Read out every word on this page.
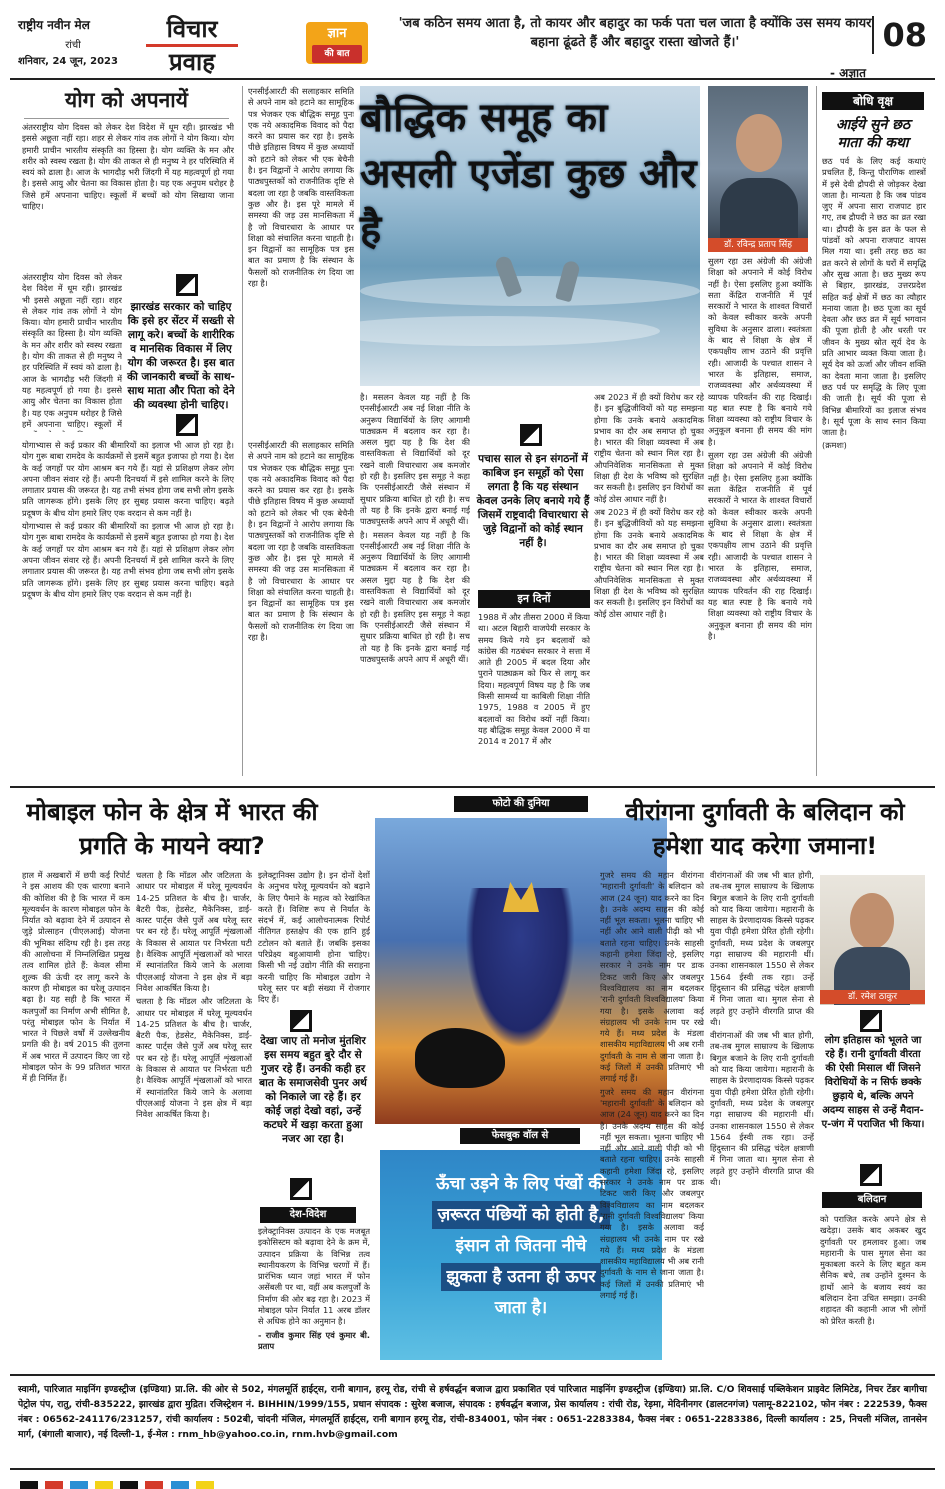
राष्ट्रीय नवीन मेल
रांची
शनिवार, 24 जून, 2023
विचार
प्रवाह
ज्ञान
की बात
'जब कठिन समय आता है, तो कायर और बहादुर का फर्क पता चल जाता है क्योंकि उस समय कायर बहाना ढूंढते हैं और बहादुर रास्ता खोजते हैं।'
- अज्ञात
08
योग को अपनायें

अंतरराष्ट्रीय योग दिवस को लेकर देश विदेश में धूम रही। झारखंड भी इससे अछूता नहीं रहा। शहर से लेकर गांव तक लोगों ने योग किया। योग हमारी प्राचीन भारतीय संस्कृति का हिस्सा है। योग व्यक्ति के मन और शरीर को स्वस्थ रखता है। योग की ताकत से ही मनुष्य ने हर परिस्थिति में स्वयं को ढाला है। आज के भागदौड़ भरी जिंदगी में यह महत्वपूर्ण हो गया है। इससे आयु और चेतना का विकास होता है। यह एक अनुपम धरोहर है जिसे हमें अपनाना चाहिए। स्कूलों में बच्चों को योग सिखाया जाना चाहिए।

अंतरराष्ट्रीय योग दिवस को लेकर देश विदेश में धूम रही। झारखंड भी इससे अछूता नहीं रहा। शहर से लेकर गांव तक लोगों ने योग किया। योग हमारी प्राचीन भारतीय संस्कृति का हिस्सा है। योग व्यक्ति के मन और शरीर को स्वस्थ रखता है। योग की ताकत से ही मनुष्य ने हर परिस्थिति में स्वयं को ढाला है। आज के भागदौड़ भरी जिंदगी में यह महत्वपूर्ण हो गया है। इससे आयु और चेतना का विकास होता है। यह एक अनुपम धरोहर है जिसे हमें अपनाना चाहिए। स्कूलों में

झारखंड सरकार को चाहिए कि इसे हर सेंटर में सख्ती से लागू करे। बच्चों के शारीरिक व मानसिक विकास में लिए योग की जरूरत है। इस बात की जानकारी बच्चों के साथ-साथ माता और पिता को देने की व्यवस्था होनी चाहिए।

योगाभ्यास से कई प्रकार की बीमारियों का इलाज भी आज हो रहा है। योग गुरू बाबा रामदेव के कार्यक्रमों से इसमें बहुत इजाफा हो गया है। देश के कई जगहों पर योग आश्रम बन गये हैं। यहां से प्रशिक्षण लेकर लोग अपना जीवन संवार रहे हैं। अपनी दिनचर्या में इसे शामिल करने के लिए लगातार प्रयास की जरूरत है। यह तभी संभव होगा जब सभी लोग इसके प्रति जागरूक होंगे। इसके लिए हर सुबह प्रयास करना चाहिए। बढ़ते प्रदूषण के बीच योग हमारे लिए एक वरदान से कम नहीं है।

योगाभ्यास से कई प्रकार की बीमारियों का इलाज भी आज हो रहा है। योग गुरू बाबा रामदेव के कार्यक्रमों से इसमें बहुत इजाफा हो गया है। देश के कई जगहों पर योग आश्रम बन गये हैं। यहां से प्रशिक्षण लेकर लोग अपना जीवन संवार रहे हैं। अपनी दिनचर्या में इसे शामिल करने के लिए लगातार प्रयास की जरूरत है। यह तभी संभव होगा जब सभी लोग इसके प्रति जागरूक होंगे। इसके लिए हर सुबह प्रयास करना चाहिए। बढ़ते प्रदूषण के बीच योग हमारे लिए एक वरदान से कम नहीं है।

एनसीईआरटी की सलाहकार समिति से अपने नाम को हटाने का सामूहिक पत्र भेजकर एक बौद्धिक समूह पुनः एक नये अकादमिक विवाद को पैदा करने का प्रयास कर रहा है। इसके पीछे इतिहास विषय में कुछ अध्यायों को हटाने को लेकर भी एक बेचैनी है। इन विद्वानों ने आरोप लगाया कि पाठ्यपुस्तकों को राजनीतिक दृष्टि से बदला जा रहा है जबकि वास्तविकता कुछ और है। इस पूरे मामले में समस्या की जड़ उस मानसिकता में है जो विचारधारा के आधार पर शिक्षा को संचालित करना चाहती है। इन विद्वानों का सामूहिक पत्र इस बात का प्रमाण है कि संस्थान के फैसलों को राजनीतिक रंग दिया जा रहा है।

बौद्धिक समूह का असली एजेंडा कुछ और है	डॉ. रविन्द्र प्रताप सिंह

सुलग रहा उस अंग्रेजी की अंग्रेजी शिक्षा को अपनाने में कोई विरोध नहीं है। ऐसा इसलिए हुआ क्योंकि सता केंद्रित राजनीति में पूर्व सरकारों ने भारत के शाश्वत विचारों को केवल स्वीकार करके अपनी सुविधा के अनुसार ढाला। स्वतंत्रता के बाद से शिक्षा के क्षेत्र में एकपक्षीय लाभ उठाने की प्रवृत्ति रही। आजादी के पश्चात शासन ने भारत के इतिहास, समाज, राजव्यवस्था और अर्थव्यवस्था में व्यापक परिवर्तन की राह दिखाई। यह बात स्पष्ट है कि बनाये गये शिक्षा व्यवस्था को राष्ट्रीय विचार के अनुकूल बनाना ही समय की मांग है।

सुलग रहा उस अंग्रेजी की अंग्रेजी शिक्षा को अपनाने में कोई विरोध नहीं है। ऐसा इसलिए हुआ क्योंकि सता केंद्रित राजनीति में पूर्व सरकारों ने भारत के शाश्वत विचारों को केवल स्वीकार करके अपनी सुविधा के अनुसार ढाला। स्वतंत्रता के बाद से शिक्षा के क्षेत्र में एकपक्षीय लाभ उठाने की प्रवृत्ति रही। आजादी के पश्चात शासन ने भारत के इतिहास, समाज, राजव्यवस्था और अर्थव्यवस्था में व्यापक परिवर्तन की राह दिखाई। यह बात स्पष्ट है कि बनाये गये शिक्षा व्यवस्था को राष्ट्रीय विचार के अनुकूल बनाना ही समय की मांग है।

एनसीईआरटी की सलाहकार समिति से अपने नाम को हटाने का सामूहिक पत्र भेजकर एक बौद्धिक समूह पुनः एक नये अकादमिक विवाद को पैदा करने का प्रयास कर रहा है। इसके पीछे इतिहास विषय में कुछ अध्यायों को हटाने को लेकर भी एक बेचैनी है। इन विद्वानों ने आरोप लगाया कि पाठ्यपुस्तकों को राजनीतिक दृष्टि से बदला जा रहा है जबकि वास्तविकता कुछ और है। इस पूरे मामले में समस्या की जड़ उस मानसिकता में है जो विचारधारा के आधार पर शिक्षा को संचालित करना चाहती है। इन विद्वानों का सामूहिक पत्र इस बात का प्रमाण है कि संस्थान के फैसलों को राजनीतिक रंग दिया जा रहा है।

है। मसलन केवल यह नहीं है कि एनसीईआरटी अब नई शिक्षा नीति के अनुरूप विद्यार्थियों के लिए आगामी पाठ्यक्रम में बदलाव कर रहा है। असल मुद्दा यह है कि देश की वास्तविकता से विद्यार्थियों को दूर रखने वाली विचारधारा अब कमजोर हो रही है। इसलिए इस समूह ने कहा कि एनसीईआरटी जैसे संस्थान में सुधार प्रक्रिया बाधित हो रही है। सच तो यह है कि इनके द्वारा बनाई गई पाठ्यपुस्तकें अपने आप में अधूरी थीं।

है। मसलन केवल यह नहीं है कि एनसीईआरटी अब नई शिक्षा नीति के अनुरूप विद्यार्थियों के लिए आगामी पाठ्यक्रम में बदलाव कर रहा है। असल मुद्दा यह है कि देश की वास्तविकता से विद्यार्थियों को दूर रखने वाली विचारधारा अब कमजोर हो रही है। इसलिए इस समूह ने कहा कि एनसीईआरटी जैसे संस्थान में सुधार प्रक्रिया बाधित हो रही है। सच तो यह है कि इनके द्वारा बनाई गई पाठ्यपुस्तकें अपने आप में अधूरी थीं।

पचास साल से इन संगठनों में काबिज इन समूहों को ऐसा लगता है कि यह संस्थान केवल उनके लिए बनाये गये हैं जिसमें राष्ट्रवादी विचारधारा से जुड़े विद्वानों को कोई स्थान नहीं है।
इन दिनों

1988 में और तीसरा 2000 में किया था। अटल बिहारी वाजपेयी सरकार के समय किये गये इन बदलावों को कांग्रेस की गठबंधन सरकार ने सत्ता में आते ही 2005 में बदल दिया और पुराने पाठ्यक्रम को फिर से लागू कर दिया। महत्वपूर्ण विषय यह है कि जब किसी सामर्थ्य या काबिली शिक्षा नीति 1975, 1988 व 2005 में हुए बदलावों का विरोध क्यों नहीं किया। यह बौद्धिक समूह केवल 2000 में या 2014 व 2017 में और

अब 2023 में ही क्यों विरोध कर रहे हैं। इन बुद्धिजीवियों को यह समझना होगा कि उनके बनाये अकादमिक प्रभाव का दौर अब समाप्त हो चुका है। भारत की शिक्षा व्यवस्था में अब राष्ट्रीय चेतना को स्थान मिल रहा है। औपनिवेशिक मानसिकता से मुक्त शिक्षा ही देश के भविष्य को सुरक्षित कर सकती है। इसलिए इन विरोधों का कोई ठोस आधार नहीं है।

अब 2023 में ही क्यों विरोध कर रहे हैं। इन बुद्धिजीवियों को यह समझना होगा कि उनके बनाये अकादमिक प्रभाव का दौर अब समाप्त हो चुका है। भारत की शिक्षा व्यवस्था में अब राष्ट्रीय चेतना को स्थान मिल रहा है। औपनिवेशिक मानसिकता से मुक्त शिक्षा ही देश के भविष्य को सुरक्षित कर सकती है। इसलिए इन विरोधों का कोई ठोस आधार नहीं है।

बोधि वृक्ष
आईये सुने छठ माता की कथा

छठ पर्व के लिए कई कथाएं प्रचलित हैं, किन्तु पौराणिक शास्त्रों में इसे देवी द्रौपदी से जोड़कर देखा जाता है। मान्यता है कि जब पांडव जुए में अपना सारा राजपाट हार गए, तब द्रौपदी ने छठ का व्रत रखा था। द्रौपदी के इस व्रत के फल से पांडवों को अपना राजपाट वापस मिल गया था। इसी तरह छठ का व्रत करने से लोगों के घरों में समृद्धि और सुख आता है। छठ मुख्य रूप से बिहार, झारखंड, उत्तरप्रदेश सहित कई क्षेत्रों में छठ का त्यौहार मनाया जाता है। छठ पूजा का सूर्य देवता और छठ व्रत में सूर्य भगवान की पूजा होती है और धरती पर जीवन के मुख्य स्रोत सूर्य देव के प्रति आभार व्यक्त किया जाता है। सूर्य देव को ऊर्जा और जीवन शक्ति का देवता माना जाता है। इसलिए छठ पर्व पर समृद्धि के लिए पूजा की जाती है। सूर्य की पूजा से विभिन्न बीमारियों का इलाज संभव है। सूर्य पूजा के साथ स्नान किया जाता है।

(क्रमशः)

मोबाइल फोन के क्षेत्र में भारत की प्रगति के मायने क्या?

हाल में अखबारों में छपी कई रिपोर्ट ने इस आशय की एक धारणा बनाने की कोशिश की है कि भारत में कम मूल्यवर्धन के कारण मोबाइल फोन के निर्यात को बढ़ावा देने में उत्पादन से जुड़े प्रोत्साहन (पीएलआई) योजना की भूमिका संदिग्ध रही है। इस तरह की आलोचना में निम्नलिखित प्रमुख तत्व शामिल होते हैं: केवल सीमा शुल्क की ऊंची दर लागू करने के कारण ही मोबाइल का घरेलू उत्पादन बढ़ा है। यह सही है कि भारत में कलपुर्जों का निर्माण अभी सीमित है, परंतु मोबाइल फोन के निर्यात में भारत ने पिछले वर्षों में उल्लेखनीय प्रगति की है। वर्ष 2015 की तुलना में अब भारत में उत्पादन किए जा रहे मोबाइल फोन के 99 प्रतिशत भारत में ही निर्मित हैं।

चलता है कि मॉडल और जटिलता के आधार पर मोबाइल में घरेलू मूल्यवर्धन 14-25 प्रतिशत के बीच है। चार्जर, बैटरी पैक, हेडसेट, मैकेनिक्स, डाई-कास्ट पार्ट्स जैसे पुर्जे अब घरेलू स्तर पर बन रहे हैं। घरेलू आपूर्ति शृंखलाओं के विकास से आयात पर निर्भरता घटी है। वैश्विक आपूर्ति शृंखलाओं को भारत में स्थानांतरित किये जाने के अलावा पीएलआई योजना ने इस क्षेत्र में बड़ा निवेश आकर्षित किया है।

चलता है कि मॉडल और जटिलता के आधार पर मोबाइल में घरेलू मूल्यवर्धन 14-25 प्रतिशत के बीच है। चार्जर, बैटरी पैक, हेडसेट, मैकेनिक्स, डाई-कास्ट पार्ट्स जैसे पुर्जे अब घरेलू स्तर पर बन रहे हैं। घरेलू आपूर्ति शृंखलाओं के विकास से आयात पर निर्भरता घटी है। वैश्विक आपूर्ति शृंखलाओं को भारत में स्थानांतरित किये जाने के अलावा पीएलआई योजना ने इस क्षेत्र में बड़ा निवेश आकर्षित किया है।

इलेक्ट्रानिक्स उद्योग है। इन दोनों देशों के अनुभव घरेलू मूल्यवर्धन को बढ़ाने के लिए पैमाने के महत्व को रेखांकित करते हैं। विशिष्ट रूप से निर्यात के संदर्भ में, कई आलोचनात्मक रिपोर्ट नीतिगत हस्तक्षेप की एक हानि हुई टटोलन को बताते हैं। जबकि इसका परिप्रेक्ष्य बहुआयामी होना चाहिए। किसी भी नई उद्योग नीति की सराहना करनी चाहिए कि मोबाइल उद्योग ने घरेलू स्तर पर बड़ी संख्या में रोजगार दिए हैं।

देखा जाए तो मनोज मुंतशिर इस समय बहुत बुरे दौर से गुजर रहे हैं। उनकी कही हर बात के समाजसेवी पुनर अर्थ को निकाले जा रहे हैं। हर कोई जहां देखो वहां, उन्हें कटघरे में खड़ा करता हुआ नजर आ रहा है।
देश-विदेश

इलेक्ट्रानिक्स उत्पादन के एक मजबूत इकोसिस्टम को बढ़ावा देने के क्रम में, उत्पादन प्रक्रिया के विभिन्न तत्व स्थानीयकरण के विभिन्न चरणों में हैं। प्रारंभिक ध्यान जहां भारत में फोन असेंबली पर था, वहीं अब कलपुर्जों के निर्माण की ओर बढ़ रहा है। 2023 में मोबाइल फोन निर्यात 11 अरब डॉलर से अधिक होने का अनुमान है।

- राजीव कुमार सिंह एवं कुमार बी. प्रताप

फोटो की दुनिया
फेसबुक वॉल से
ऊँचा उड़ने के लिए पंखों की
ज़रूरत पंछियों को होती है,
इंसान तो जितना नीचे
झुकता है उतना ही ऊपर
जाता है।
वीरांगना दुर्गावती के बलिदान को हमेशा याद करेगा जमाना!

गुजरे समय की महान वीरांगना 'महारानी दुर्गावती' के बलिदान को आज (24 जून) याद करने का दिन है। उनके अदम्य साहस की कोई नहीं भूल सकता। भूलना चाहिए भी नहीं और आने वाली पीढ़ी को भी बताते रहना चाहिए। उनके साहसी कहानी हमेशा जिंदा रहे, इसलिए सरकार ने उनके नाम पर डाक टिकट जारी किए और जबलपुर विश्वविद्यालय का नाम बदलकर 'रानी दुर्गावती विश्वविद्यालय' किया गया है। इसके अलावा कई संग्रहालय भी उनके नाम पर रखे गये हैं। मध्य प्रदेश के मंडला शासकीय महाविद्यालय भी अब रानी दुर्गावती के नाम से जाना जाता है। कई जिलों में उनकी प्रतिमाएं भी लगाई गई हैं।

गुजरे समय की महान वीरांगना 'महारानी दुर्गावती' के बलिदान को आज (24 जून) याद करने का दिन है। उनके अदम्य साहस की कोई नहीं भूल सकता। भूलना चाहिए भी नहीं और आने वाली पीढ़ी को भी बताते रहना चाहिए। उनके साहसी कहानी हमेशा जिंदा रहे, इसलिए सरकार ने उनके नाम पर डाक टिकट जारी किए और जबलपुर विश्वविद्यालय का नाम बदलकर 'रानी दुर्गावती विश्वविद्यालय' किया गया है। इसके अलावा कई संग्रहालय भी उनके नाम पर रखे गये हैं। मध्य प्रदेश के मंडला शासकीय महाविद्यालय भी अब रानी दुर्गावती के नाम से जाना जाता है। कई जिलों में उनकी प्रतिमाएं भी लगाई गई हैं।

वीरांगनाओं की जब भी बात होगी, तब-तब मुगल साम्राज्य के खिलाफ बिगुल बजाने के लिए रानी दुर्गावती को याद किया जायेगा। महारानी के साहस के प्रेरणादायक किस्से पढ़कर युवा पीढ़ी हमेशा प्रेरित होती रहेगी। दुर्गावती, मध्य प्रदेश के जबलपुर गढ़ा साम्राज्य की महारानी थीं। उनका शासनकाल 1550 से लेकर 1564 ईस्वी तक रहा। उन्हें हिंदुस्तान की प्रसिद्ध चंदेल क्षत्राणी में गिना जाता था। मुगल सेना से लड़ते हुए उन्होंने वीरगति प्राप्त की थी।

वीरांगनाओं की जब भी बात होगी, तब-तब मुगल साम्राज्य के खिलाफ बिगुल बजाने के लिए रानी दुर्गावती को याद किया जायेगा। महारानी के साहस के प्रेरणादायक किस्से पढ़कर युवा पीढ़ी हमेशा प्रेरित होती रहेगी। दुर्गावती, मध्य प्रदेश के जबलपुर गढ़ा साम्राज्य की महारानी थीं। उनका शासनकाल 1550 से लेकर 1564 ईस्वी तक रहा। उन्हें हिंदुस्तान की प्रसिद्ध चंदेल क्षत्राणी में गिना जाता था। मुगल सेना से लड़ते हुए उन्होंने वीरगति प्राप्त की थी।

डॉ. रमेश ठाकुर
लोग इतिहास को भूलते जा रहे हैं। रानी दुर्गावती वीरता की ऐसी मिसाल थीं जिसने विरोधियों के न सिर्फ छक्के छुड़ाये थे, बल्कि अपने अदम्य साहस से उन्हें मैदान-ए-जंग में पराजित भी किया।
बलिदान

को पराजित करके अपने क्षेत्र से खदेड़ा। उसके बाद अकबर खुद दुर्गावती पर हमलावर हुआ। जब महारानी के पास मुगल सेना का मुकाबला करने के लिए बहुत कम सैनिक बचे, तब उन्होंने दुश्मन के हाथों आने के बजाय स्वयं का बलिदान देना उचित समझा। उनकी शहादत की कहानी आज भी लोगों को प्रेरित करती है।

स्वामी, पारिजात माइनिंग इण्डस्ट्रीज (इण्डिया) प्रा.लि. की ओर से 502, मंगलमूर्ति हाईट्स, रानी बागान, हरमू रोड, रांची से हर्षवर्द्धन बजाज द्वारा प्रकाशित एवं पारिजात माइनिंग इण्डस्ट्रीज (इण्डिया) प्रा.लि. C/O शिवसाई पब्लिकेशन प्राइवेट लिमिटेड, निचर टेंडर बागीचा पेट्रोल पंप, रातु, रांची-835222, झारखंड द्वारा मुद्रित। रजिस्ट्रेशन नं. BIHHIN/1999/155, प्रधान संपादक : सुरेश बजाज, संपादक : हर्षवर्द्धन बजाज, प्रेस कार्यालय : रांची रोड, रेड़मा, मेदिनीनगर (डालटनगंज) पलामू-822102, फोन नंबर : 222539, फैक्स नंबर : 06562-241176/231257, रांची कार्यालय : 502बी, चांदनी मंजिल, मंगलमूर्ति हाईट्स, रानी बागान हरमू रोड, रांची-834001, फोन नंबर : 0651-2283384, फैक्स नंबर : 0651-2283386, दिल्ली कार्यालय : 25, निचली मंजिल, तानसेन मार्ग, (बंगाली बाजार), नई दिल्ली-1, ई-मेल : rnm_hb@yahoo.co.in, rnm.hvb@gmail.com
